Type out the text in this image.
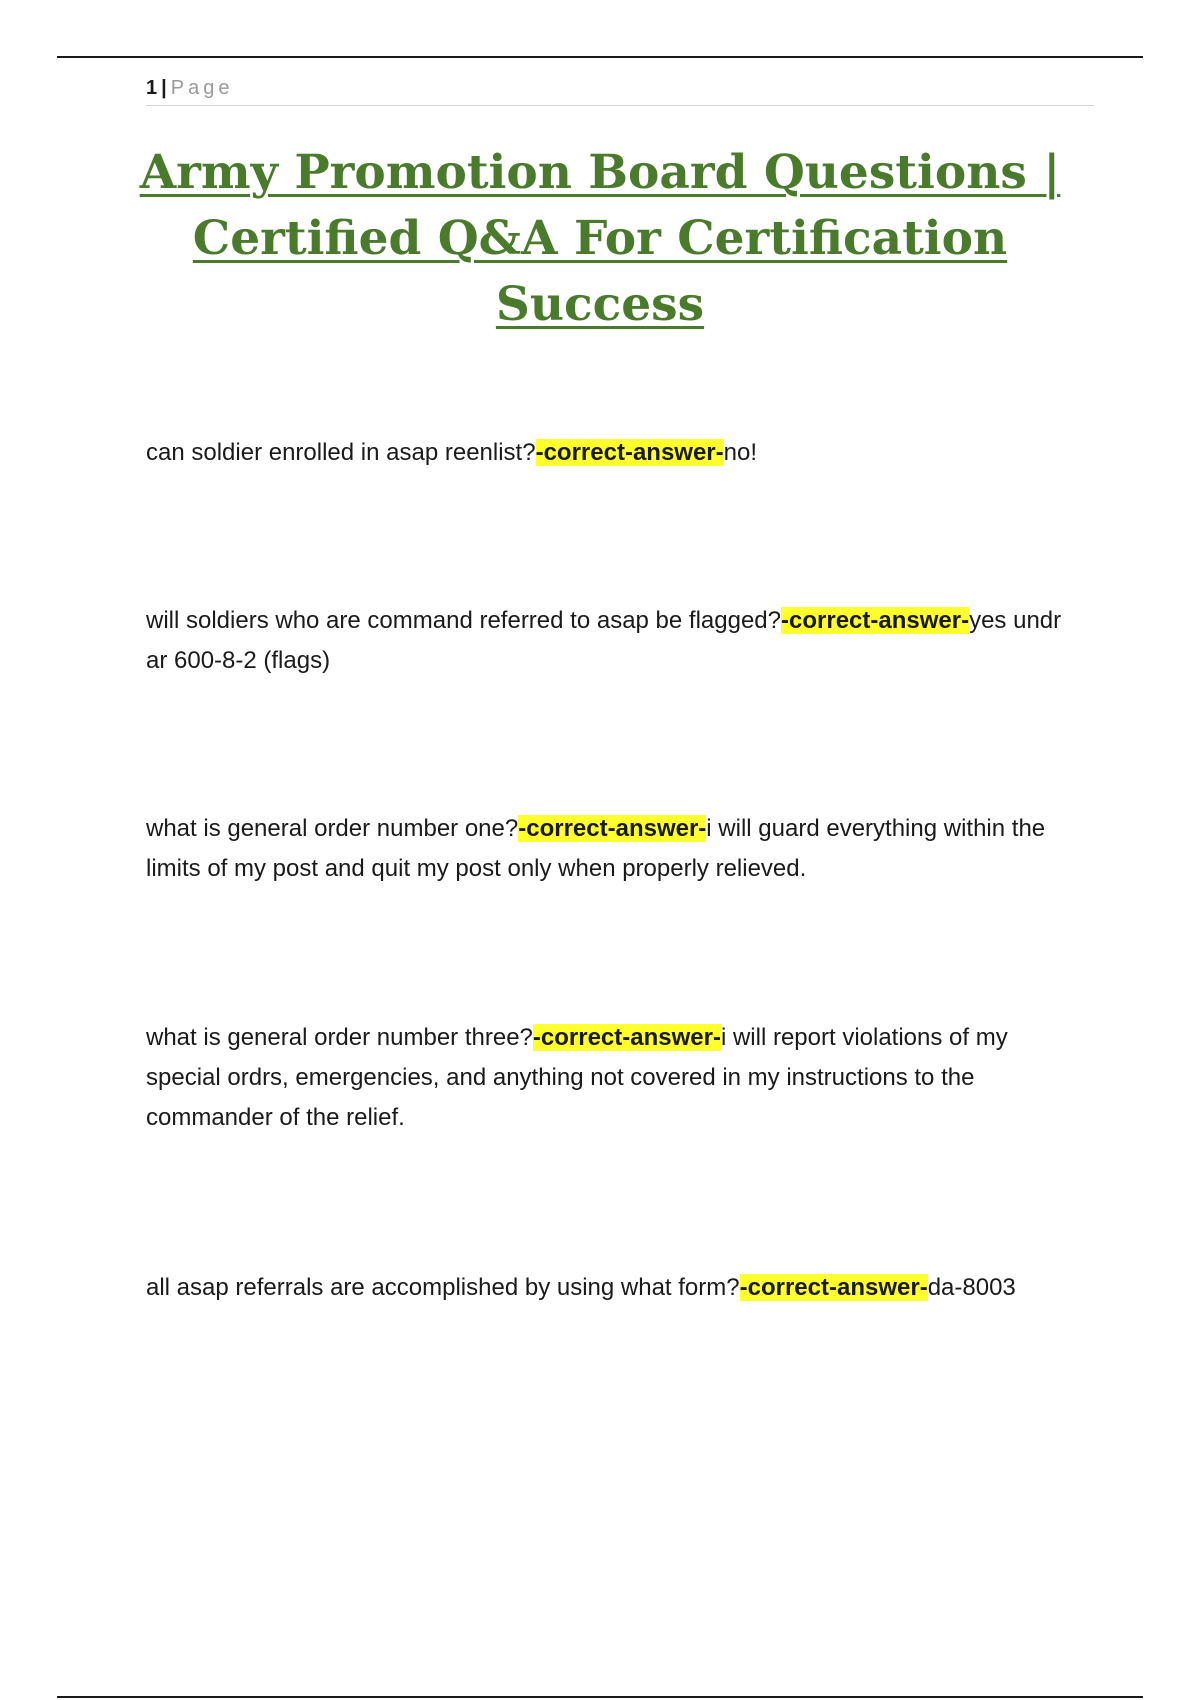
1 | Page
Army Promotion Board Questions |
Certified Q&A For Certification Success

can soldier enrolled in asap reenlist?-correct-answer-no!

will soldiers who are command referred to asap be flagged?-correct-answer-yes undr ar 600-8-2 (flags)

what is general order number one?-correct-answer-i will guard everything within the limits of my post and quit my post only when properly relieved.

what is general order number three?-correct-answer-i will report violations of my special ordrs, emergencies, and anything not covered in my instructions to the commander of the relief.

all asap referrals are accomplished by using what form?-correct-answer-da-8003
